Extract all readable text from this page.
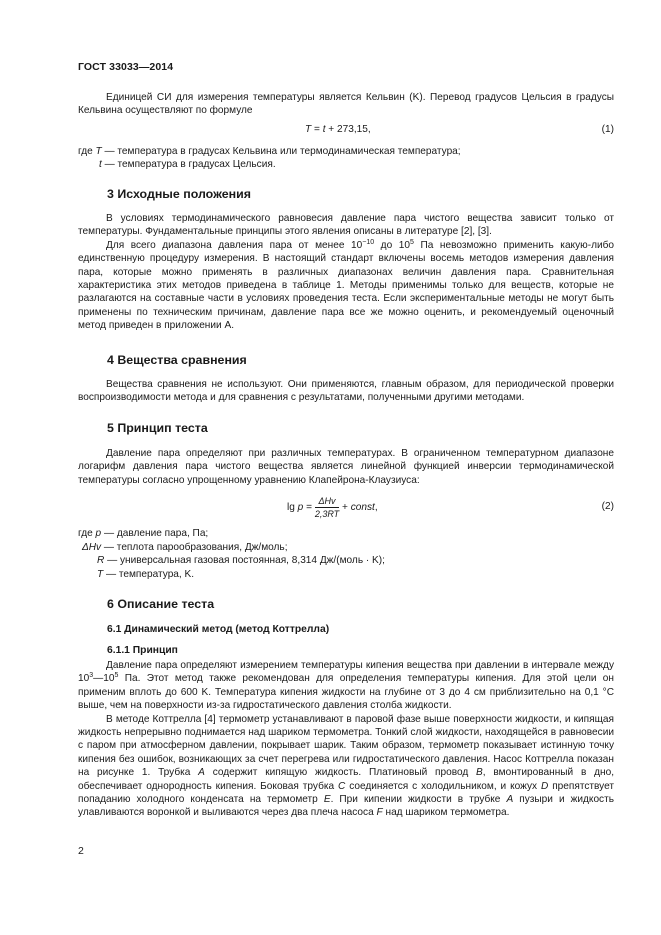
ГОСТ 33033—2014

Единицей СИ для измерения температуры является Кельвин (K). Перевод градусов Цельсия в градусы Кельвина осуществляют по формуле

T = t + 273,15,	(1)
где T — температура в градусах Кельвина или термодинамическая температура;
t — температура в градусах Цельсия.
3 Исходные положения

В условиях термодинамического равновесия давление пара чистого вещества зависит только от температуры. Фундаментальные принципы этого явления описаны в литературе [2], [3].

Для всего диапазона давления пара от менее $10^{-10}$ до $10^5$ Па невозможно применить какую-либо единственную процедуру измерения. В настоящий стандарт включены восемь методов измерения давления пара, которые можно применять в различных диапазонах величин давления пара. Сравнительная характеристика этих методов приведена в таблице 1. Методы применимы только для веществ, которые не разлагаются на составные части в условиях проведения теста. Если экспериментальные методы не могут быть применены по техническим причинам, давление пара все же можно оценить, и рекомендуемый оценочный метод приведен в приложении А.

4 Вещества сравнения

Вещества сравнения не используют. Они применяются, главным образом, для периодической проверки воспроизводимости метода и для сравнения с результатами, полученными другими методами.

5 Принцип теста

Давление пара определяют при различных температурах. В ограниченном температурном диапазоне логарифм давления пара чистого вещества является линейной функцией инверсии термодинамической температуры согласно упрощенному уравнению Клапейрона-Клаузиуса:

$\lg p = \frac{\text{ΔHv}}{2,3RT}$ + const,	(2)
где p — давление пара, Па;
ΔHv — теплота парообразования, Дж/моль;
R — универсальная газовая постоянная, 8,314 Дж/(моль · K);
T — температура, K.
6 Описание теста
6.1 Динамический метод (метод Коттрелла)
6.1.1 Принцип

Давление пара определяют измерением температуры кипения вещества при давлении в интервале между $10^3—10^5$ Па. Этот метод также рекомендован для определения температуры кипения. Для этой цели он применим вплоть до 600 K. Температура кипения жидкости на глубине от 3 до 4 см приблизительно на 0,1 °С выше, чем на поверхности из-за гидростатического давления столба жидкости.

В методе Коттрелла [4] термометр устанавливают в паровой фазе выше поверхности жидкости, и кипящая жидкость непрерывно поднимается над шариком термометра. Тонкий слой жидкости, находящейся в равновесии с паром при атмосферном давлении, покрывает шарик. Таким образом, термометр показывает истинную точку кипения без ошибок, возникающих за счет перегрева или гидростатического давления. Насос Коттрелла показан на рисунке 1. Трубка A содержит кипящую жидкость. Платиновый провод B, вмонтированный в дно, обеспечивает однородность кипения. Боковая трубка C соединяется с холодильником, и кожух D препятствует попаданию холодного конденсата на термометр E. При кипении жидкости в трубке A пузыри и жидкость улавливаются воронкой и выливаются через два плеча насоса F над шариком термометра.

2
